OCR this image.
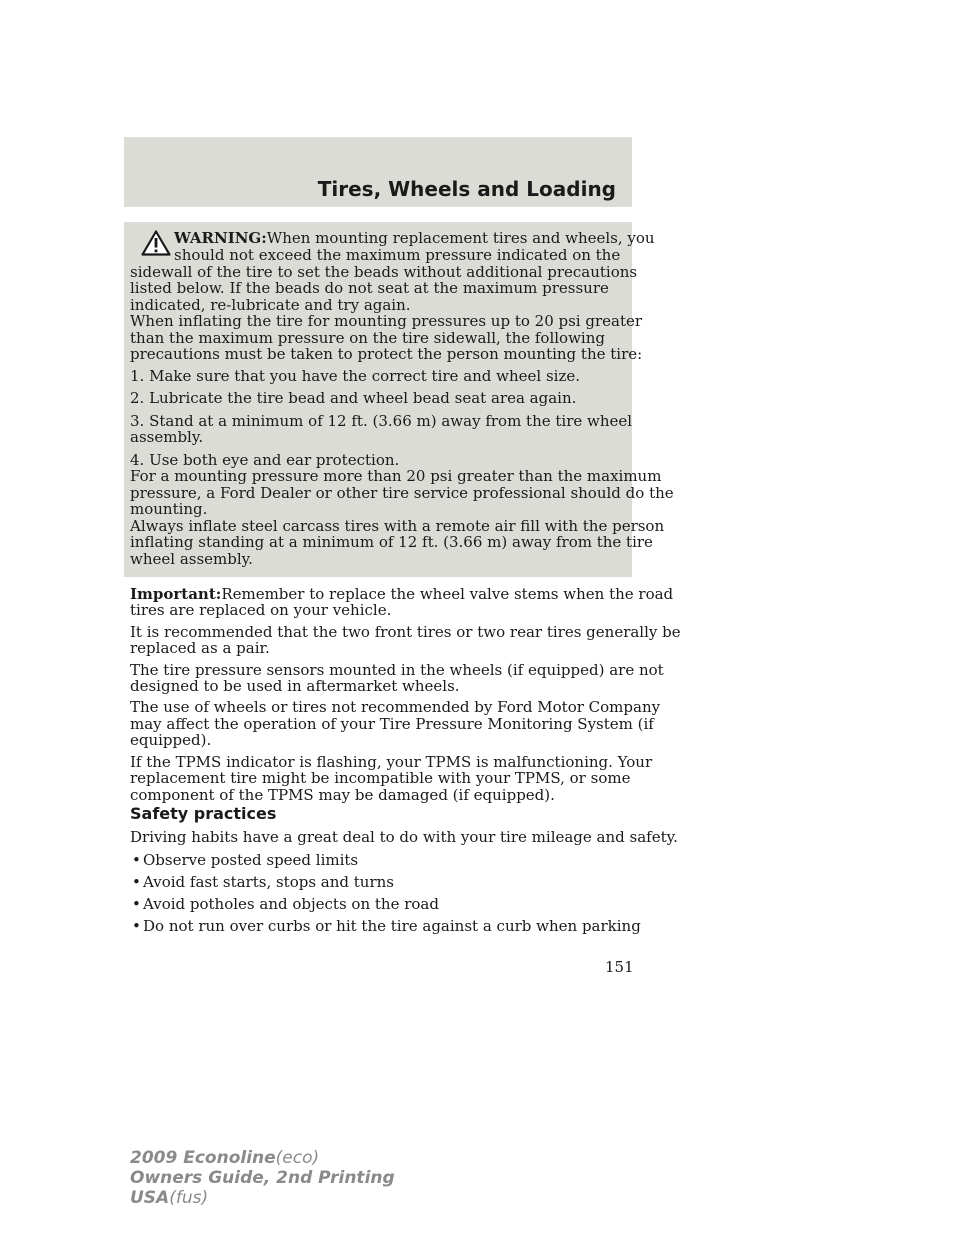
Tires, Wheels and Loading
WARNING:When mounting replacement tires and wheels, you
should not exceed the maximum pressure indicated on the
sidewall of the tire to set the beads without additional precautions
listed below. If the beads do not seat at the maximum pressure
indicated, re-lubricate and try again.
When inflating the tire for mounting pressures up to 20 psi greater
than the maximum pressure on the tire sidewall, the following
precautions must be taken to protect the person mounting the tire:
1. Make sure that you have the correct tire and wheel size.
2. Lubricate the tire bead and wheel bead seat area again.
3. Stand at a minimum of 12 ft. (3.66 m) away from the tire wheel
assembly.
4. Use both eye and ear protection.
For a mounting pressure more than 20 psi greater than the maximum
pressure, a Ford Dealer or other tire service professional should do the
mounting.
Always inflate steel carcass tires with a remote air fill with the person
inflating standing at a minimum of 12 ft. (3.66 m) away from the tire
wheel assembly.
Important:Remember to replace the wheel valve stems when the road
tires are replaced on your vehicle.
It is recommended that the two front tires or two rear tires generally be
replaced as a pair.
The tire pressure sensors mounted in the wheels (if equipped) are not
designed to be used in aftermarket wheels.
The use of wheels or tires not recommended by Ford Motor Company
may affect the operation of your Tire Pressure Monitoring System (if
equipped).
If the TPMS indicator is flashing, your TPMS is malfunctioning. Your
replacement tire might be incompatible with your TPMS, or some
component of the TPMS may be damaged (if equipped).
Safety practices
Driving habits have a great deal to do with your tire mileage and safety.
• Observe posted speed limits
• Avoid fast starts, stops and turns
• Avoid potholes and objects on the road
• Do not run over curbs or hit the tire against a curb when parking
151
2009 Econoline(eco)
Owners Guide, 2nd Printing
USA(fus)
